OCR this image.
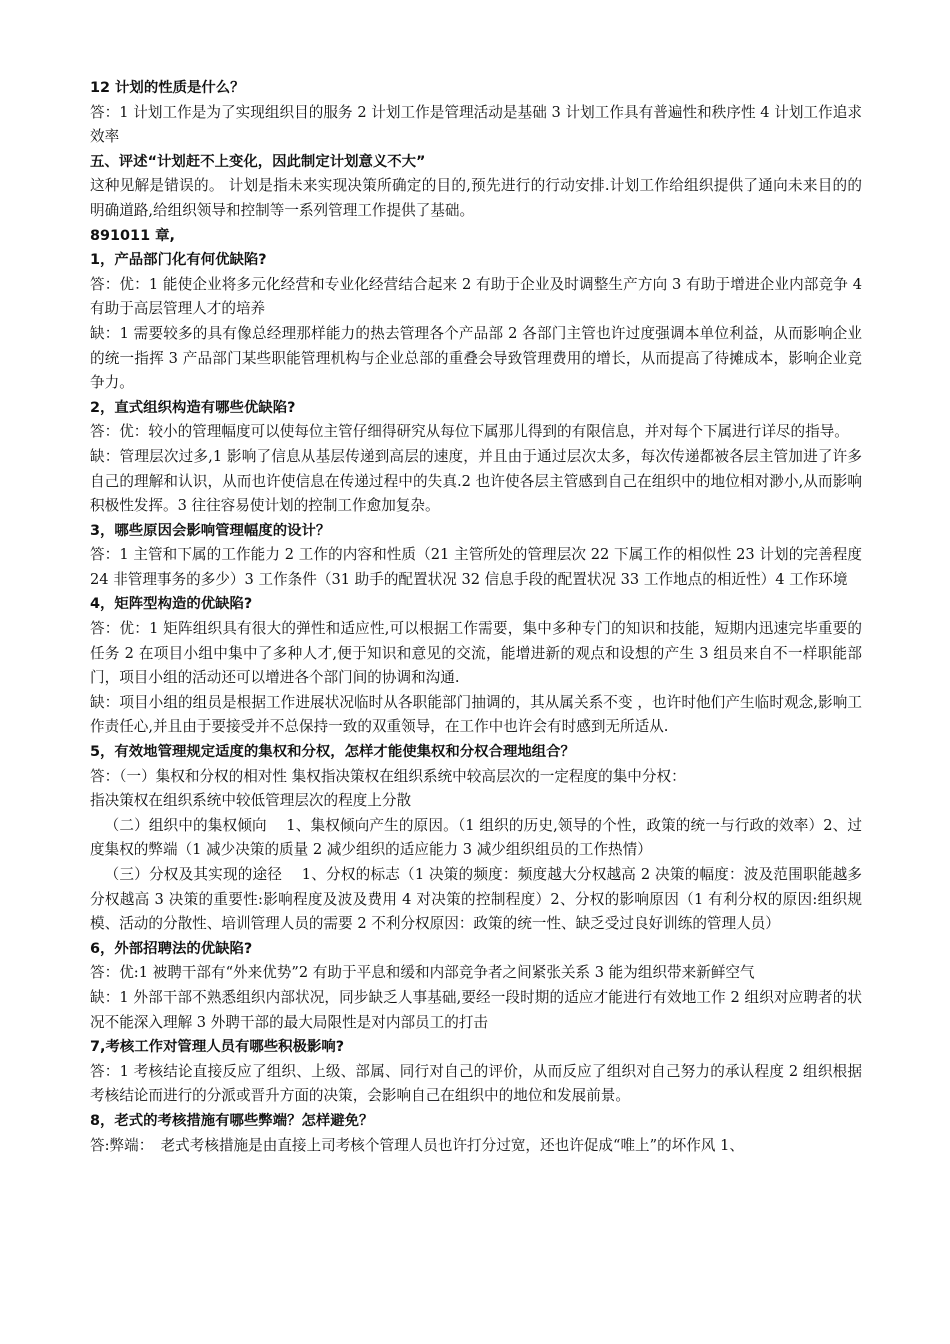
12 计划的性质是什么？

答：1 计划工作是为了实现组织目的服务 2 计划工作是管理活动是基础 3 计划工作具有普遍性和秩序性 4 计划工作追求效率

五、评述“计划赶不上变化，因此制定计划意义不大”

这种见解是错误的。 计划是指未来实现决策所确定的目的,预先进行的行动安排.计划工作给组织提供了通向未来目的的明确道路,给组织领导和控制等一系列管理工作提供了基础。

891011 章,

1，产品部门化有何优缺陷?

答：优：1 能使企业将多元化经营和专业化经营结合起来 2 有助于企业及时调整生产方向 3 有助于增进企业内部竞争 4 有助于高层管理人才的培养

缺：1 需要较多的具有像总经理那样能力的热去管理各个产品部 2 各部门主管也许过度强调本单位利益，从而影响企业的统一指挥 3 产品部门某些职能管理机构与企业总部的重叠会导致管理费用的增长，从而提高了待摊成本，影响企业竞争力。

2，直式组织构造有哪些优缺陷?

答：优：较小的管理幅度可以使每位主管仔细得研究从每位下属那儿得到的有限信息，并对每个下属进行详尽的指导。

缺：管理层次过多,1 影响了信息从基层传递到高层的速度，并且由于通过层次太多，每次传递都被各层主管加进了许多自己的理解和认识，从而也许使信息在传递过程中的失真.2 也许使各层主管感到自己在组织中的地位相对渺小,从而影响积极性发挥。3 往往容易使计划的控制工作愈加复杂。

3，哪些原因会影响管理幅度的设计？

答：1 主管和下属的工作能力 2 工作的内容和性质（21 主管所处的管理层次 22 下属工作的相似性 23 计划的完善程度 24 非管理事务的多少）3 工作条件（31 助手的配置状况 32 信息手段的配置状况 33 工作地点的相近性）4 工作环境

4，矩阵型构造的优缺陷?

答：优：1 矩阵组织具有很大的弹性和适应性,可以根据工作需要，集中多种专门的知识和技能，短期内迅速完毕重要的任务 2 在项目小组中集中了多种人才,便于知识和意见的交流，能增进新的观点和设想的产生 3 组员来自不一样职能部门，项目小组的活动还可以增进各个部门间的协调和沟通.

缺：项目小组的组员是根据工作进展状况临时从各职能部门抽调的，其从属关系不变 ，也许时他们产生临时观念,影响工作责任心,并且由于要接受并不总保持一致的双重领导，在工作中也许会有时感到无所适从.

5，有效地管理规定适度的集权和分权，怎样才能使集权和分权合理地组合？

答：（一）集权和分权的相对性 集权指决策权在组织系统中较高层次的一定程度的集中分权：

指决策权在组织系统中较低管理层次的程度上分散

（二）组织中的集权倾向 　1、集权倾向产生的原因。（1 组织的历史,领导的个性，政策的统一与行政的效率）2、过度集权的弊端（1 减少决策的质量 2 减少组织的适应能力 3 减少组织组员的工作热情）

（三）分权及其实现的途径 　1、分权的标志（1 决策的频度：频度越大分权越高 2 决策的幅度：波及范围职能越多分权越高 3 决策的重要性:影响程度及波及费用 4 对决策的控制程度）2、分权的影响原因（1 有利分权的原因:组织规模、活动的分散性、培训管理人员的需要 2 不利分权原因：政策的统一性、缺乏受过良好训练的管理人员）

6，外部招聘法的优缺陷?

答：优:1 被聘干部有“外来优势”2 有助于平息和缓和内部竞争者之间紧张关系 3 能为组织带来新鲜空气

缺：1 外部干部不熟悉组织内部状况，同步缺乏人事基础,要经一段时期的适应才能进行有效地工作 2 组织对应聘者的状况不能深入理解 3 外聘干部的最大局限性是对内部员工的打击

7,考核工作对管理人员有哪些积极影响?

答：1 考核结论直接反应了组织、上级、部属、同行对自己的评价，从而反应了组织对自己努力的承认程度 2 组织根据考核结论而进行的分派或晋升方面的决策，会影响自己在组织中的地位和发展前景。

8，老式的考核措施有哪些弊端？怎样避免？

答:弊端：　老式考核措施是由直接上司考核个管理人员也许打分过宽，还也许促成“唯上”的坏作风 1、
